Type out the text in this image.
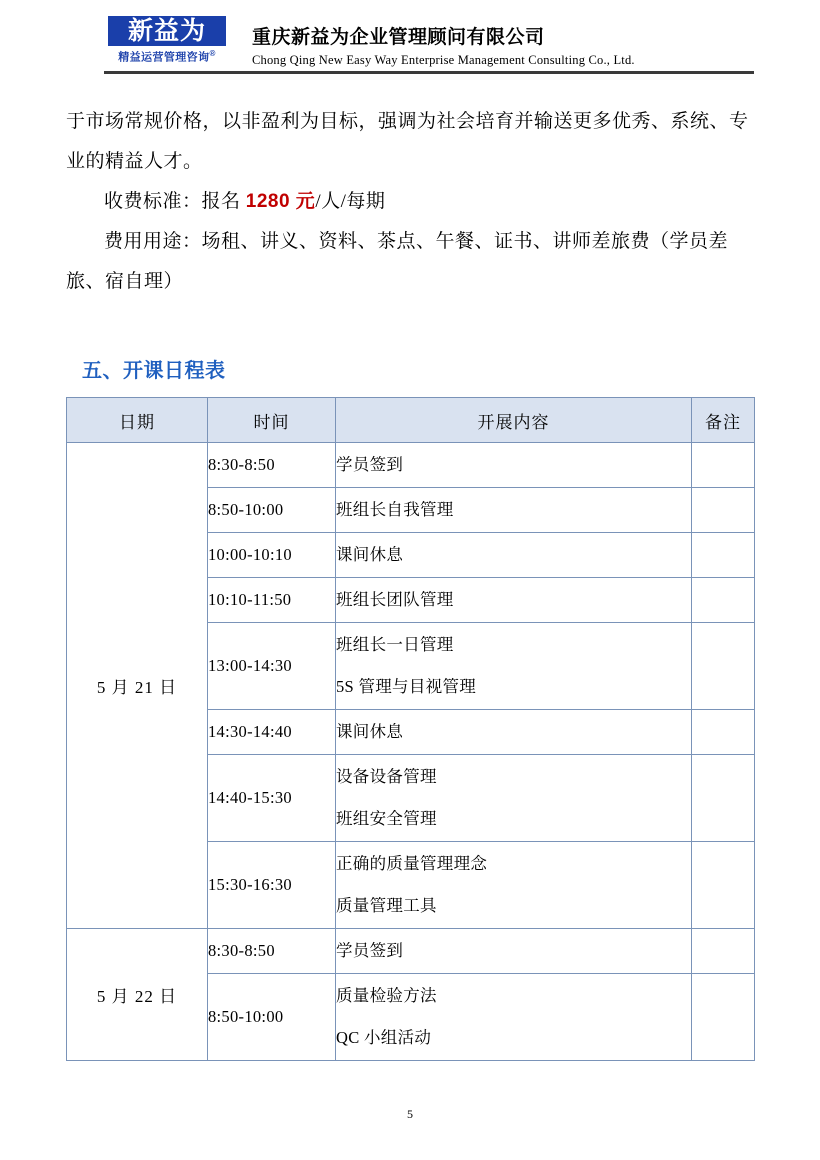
新益为
精益运营管理咨询®
重庆新益为企业管理顾问有限公司
Chong Qing New Easy Way Enterprise Management Consulting Co., Ltd.

于市场常规价格，以非盈利为目标，强调为社会培育并输送更多优秀、系统、专业的精益人才。

收费标准：报名 1280 元/人/每期

费用用途：场租、讲义、资料、茶点、午餐、证书、讲师差旅费（学员差旅、宿自理）

五、开课日程表
日期	时间	开展内容	备注
5 月 21 日	8:30-8:50	学员签到	

	8:50-10:00	班组长自我管理	

	10:00-10:10	课间休息	

	10:10-11:50	班组长团队管理	

	13:00-14:30	班组长一日管理
5S 管理与目视管理	

	14:30-14:40	课间休息	

	14:40-15:30	设备设备管理
班组安全管理	

	15:30-16:30	正确的质量管理理念
质量管理工具	

5 月 22 日	8:30-8:50	学员签到	

	8:50-10:00	质量检验方法
QC 小组活动	

5
